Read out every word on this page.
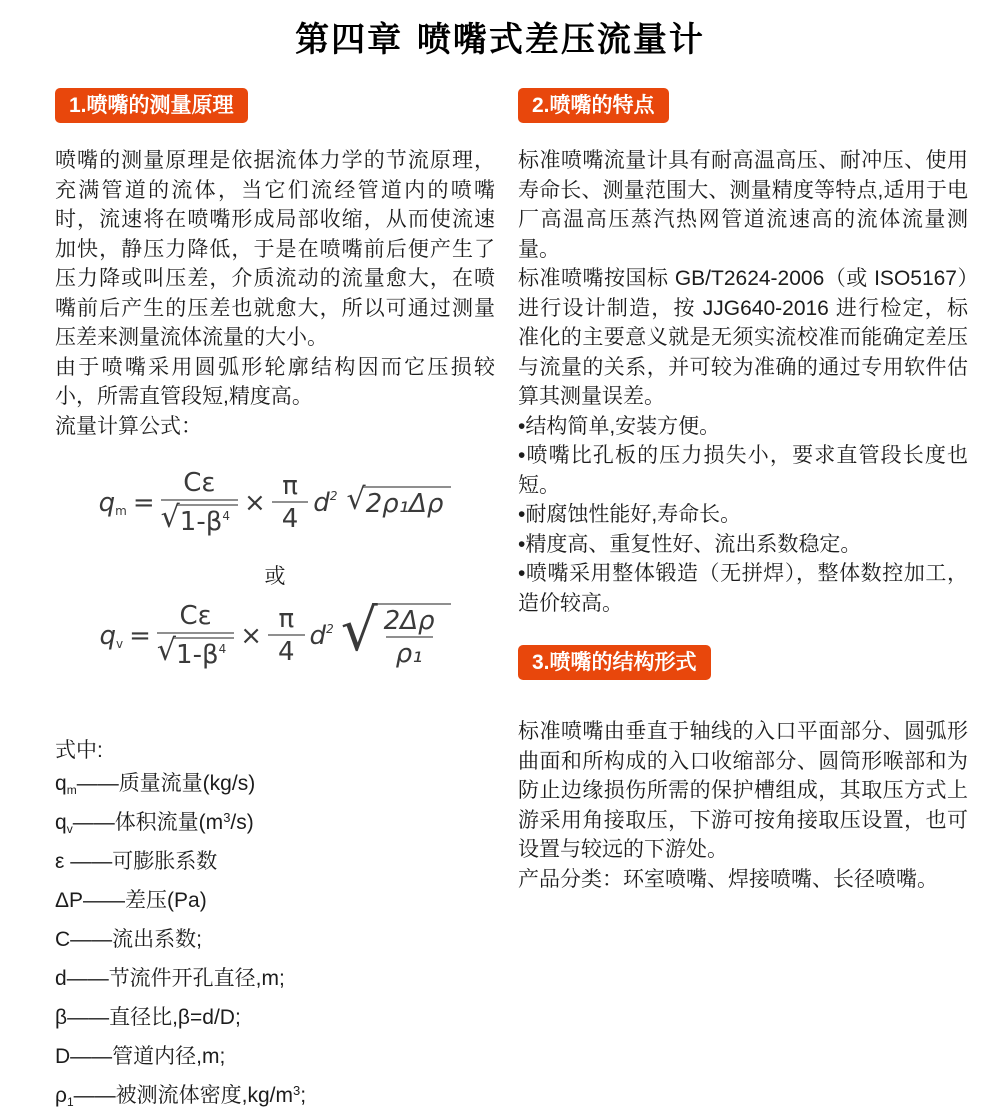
第四章 喷嘴式差压流量计
1.喷嘴的测量原理

喷嘴的测量原理是依据流体力学的节流原理，充满管道的流体，当它们流经管道内的喷嘴时，流速将在喷嘴形成局部收缩，从而使流速加快，静压力降低，于是在喷嘴前后便产生了压力降或叫压差，介质流动的流量愈大，在喷嘴前后产生的压差也就愈大，所以可通过测量压差来测量流体流量的大小。

由于喷嘴采用圆弧形轮廓结构因而它压损较小，所需直管段短,精度高。

流量计算公式：

$q_m = \frac{C\varepsilon}{√ 1-\beta^4} \times \frac{\pi}{4} d^2$ √ 2ρ₁Δρ
或
$q_v = \frac{C\varepsilon}{√ 1-\beta^4} \times \frac{\pi}{4} d^2$ √ $\frac{2\Delta\rho}{\text{ρ₁}}$

式中:

$q_m——$质量流量(kg/s)
$q_v——$体积流量$(m^3/s)$
ε ——可膨胀系数
ΔP——差压(Pa)
C——流出系数;
d——节流件开孔直径,m;
β——直径比,β=d/D;
D——管道内径,m;
$\rho_1——$被测流体密度$,kg/m^3$;
2.喷嘴的特点

标准喷嘴流量计具有耐高温高压、耐冲压、使用寿命长、测量范围大、测量精度等特点,适用于电厂高温高压蒸汽热网管道流速高的流体流量测量。

标准喷嘴按国标 GB/T2624-2006（或 ISO5167）进行设计制造，按 JJG640-2016 进行检定，标准化的主要意义就是无须实流校准而能确定差压与流量的关系，并可较为准确的通过专用软件估算其测量误差。

•结构简单,安装方便。

•喷嘴比孔板的压力损失小，要求直管段长度也短。

•耐腐蚀性能好,寿命长。

•精度高、重复性好、流出系数稳定。

•喷嘴采用整体锻造（无拼焊），整体数控加工，造价较高。

3.喷嘴的结构形式

标准喷嘴由垂直于轴线的入口平面部分、圆弧形曲面和所构成的入口收缩部分、圆筒形喉部和为防止边缘损伤所需的保护槽组成，其取压方式上游采用角接取压，下游可按角接取压设置，也可设置与较远的下游处。

产品分类：环室喷嘴、焊接喷嘴、长径喷嘴。
